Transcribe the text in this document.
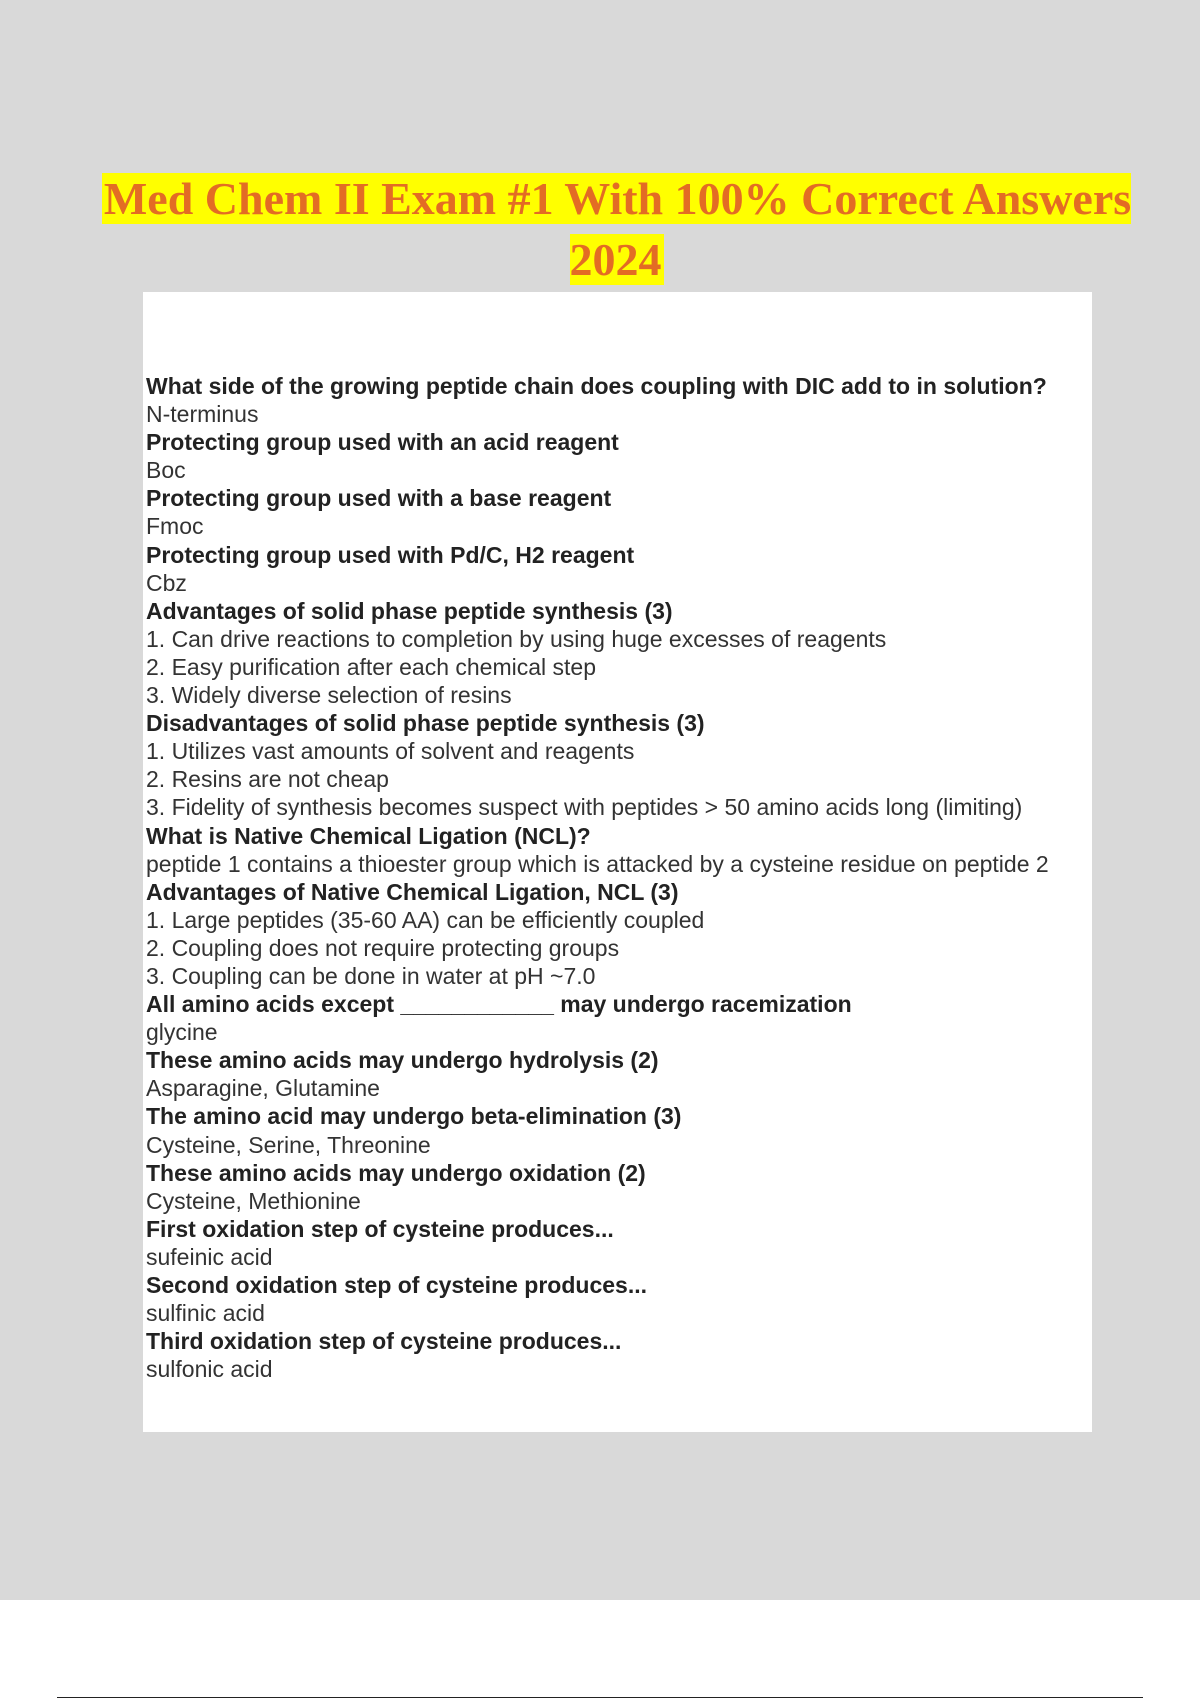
Med Chem II Exam #1 With 100% Correct Answers 2024
What side of the growing peptide chain does coupling with DIC add to in solution?
N-terminus
Protecting group used with an acid reagent
Boc
Protecting group used with a base reagent
Fmoc
Protecting group used with Pd/C, H2 reagent
Cbz
Advantages of solid phase peptide synthesis (3)
1. Can drive reactions to completion by using huge excesses of reagents
2. Easy purification after each chemical step
3. Widely diverse selection of resins
Disadvantages of solid phase peptide synthesis (3)
1. Utilizes vast amounts of solvent and reagents
2. Resins are not cheap
3. Fidelity of synthesis becomes suspect with peptides > 50 amino acids long (limiting)
What is Native Chemical Ligation (NCL)?
peptide 1 contains a thioester group which is attacked by a cysteine residue on peptide 2
Advantages of Native Chemical Ligation, NCL (3)
1. Large peptides (35-60 AA) can be efficiently coupled
2. Coupling does not require protecting groups
3. Coupling can be done in water at pH ~7.0
All amino acids except ____________ may undergo racemization
glycine
These amino acids may undergo hydrolysis (2)
Asparagine, Glutamine
The amino acid may undergo beta-elimination (3)
Cysteine, Serine, Threonine
These amino acids may undergo oxidation (2)
Cysteine, Methionine
First oxidation step of cysteine produces...
sufeinic acid
Second oxidation step of cysteine produces...
sulfinic acid
Third oxidation step of cysteine produces...
sulfonic acid
